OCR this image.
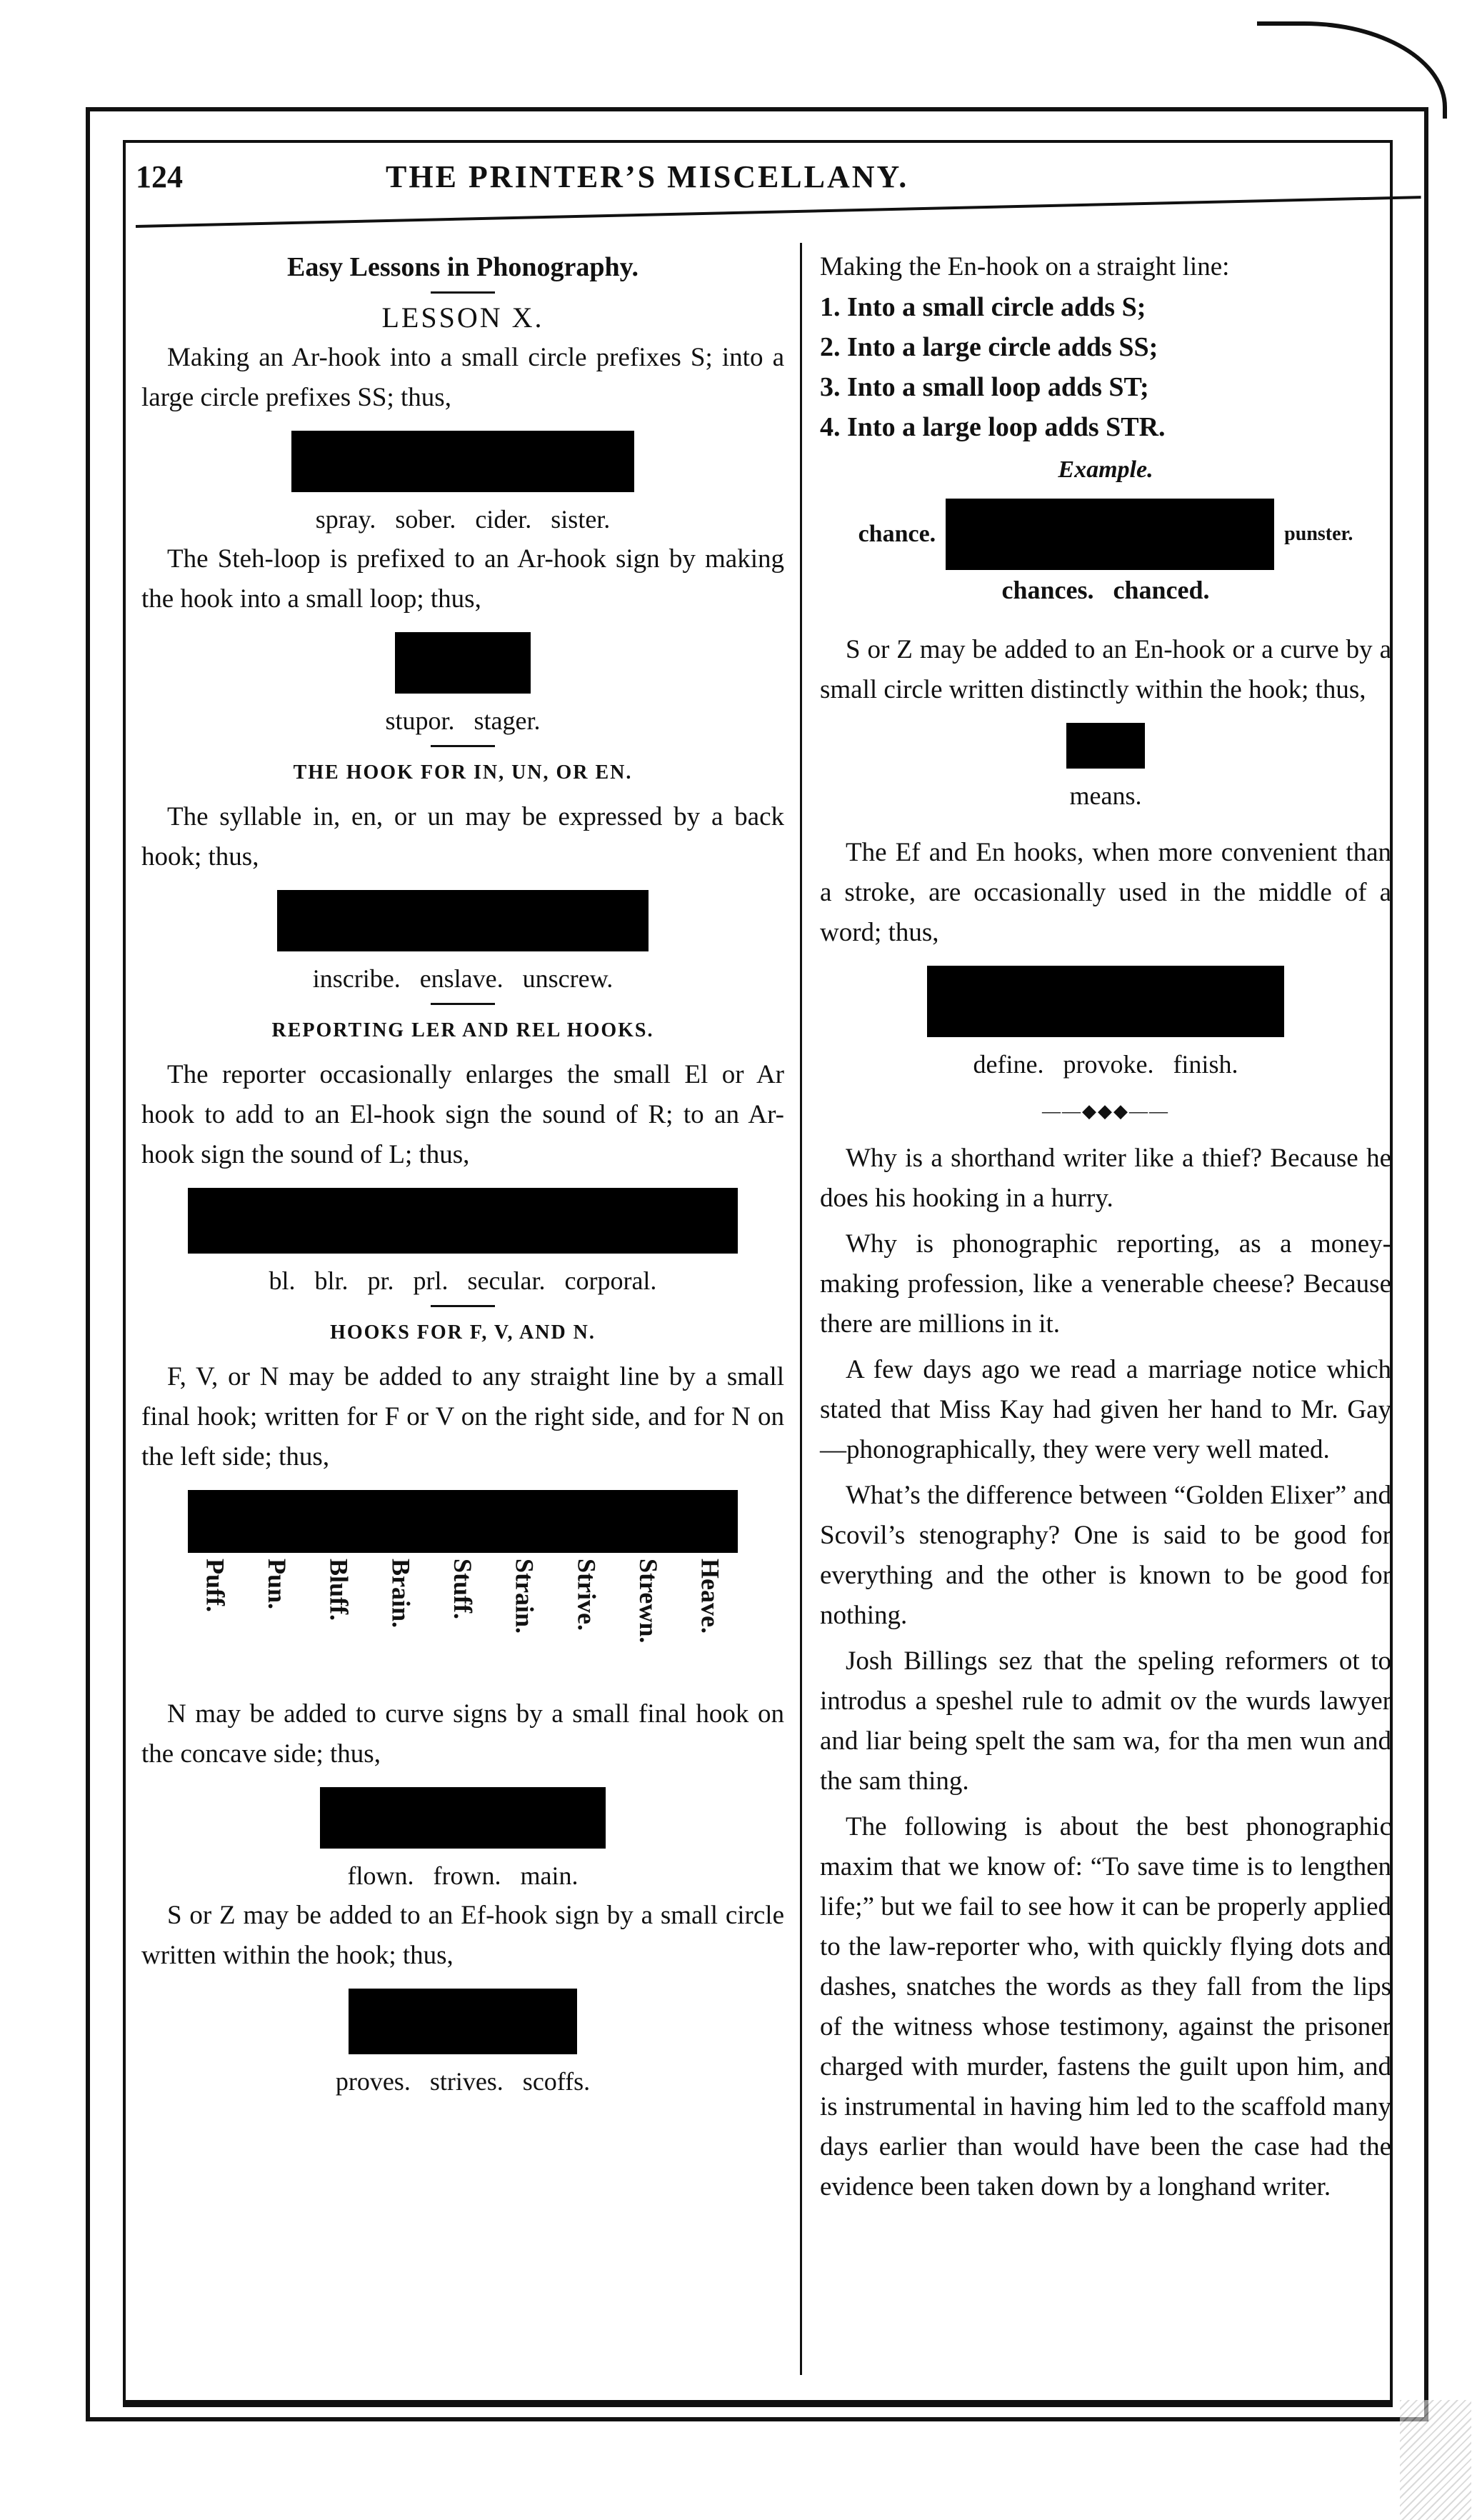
124	THE PRINTER’S MISCELLANY.
Easy Lessons in Phonography.
LESSON X.

Making an Ar-hook into a small circle prefixes S; into a large circle prefixes SS; thus,

spray. sober. cider. sister.

The Steh-loop is prefixed to an Ar-hook sign by making the hook into a small loop; thus,

stupor. stager.
THE HOOK FOR IN, UN, OR EN.

The syllable in, en, or un may be expressed by a back hook; thus,

inscribe. enslave. unscrew.
REPORTING LER AND REL HOOKS.

The reporter occasionally enlarges the small El or Ar hook to add to an El-hook sign the sound of R; to an Ar-hook sign the sound of L; thus,

bl. blr. pr. prl. secular. corporal.
HOOKS FOR F, V, AND N.

F, V, or N may be added to any straight line by a small final hook; written for F or V on the right side, and for N on the left side; thus,

Puff. Pun. Bluff. Brain. Stuff. Strain. Strive. Strewn. Heave.

N may be added to curve signs by a small final hook on the concave side; thus,

flown. frown. main.

S or Z may be added to an Ef-hook sign by a small circle written within the hook; thus,

proves. strives. scoffs.

Making the En-hook on a straight line:

1. Into a small circle adds S;
2. Into a large circle adds SS;
3. Into a small loop adds ST;
4. Into a large loop adds STR.
Example.
chance.	punster.
chances. chanced.

S or Z may be added to an En-hook or a curve by a small circle written distinctly within the hook; thus,

means.

The Ef and En hooks, when more convenient than a stroke, are occasionally used in the middle of a word; thus,

define. provoke. finish.
——◆◆◆——

Why is a shorthand writer like a thief? Because he does his hooking in a hurry.

Why is phonographic reporting, as a money-making profession, like a venerable cheese? Because there are millions in it.

A few days ago we read a marriage notice which stated that Miss Kay had given her hand to Mr. Gay—phonographically, they were very well mated.

What’s the difference between “Golden Elixer” and Scovil’s stenography? One is said to be good for everything and the other is known to be good for nothing.

Josh Billings sez that the speling reformers ot to introdus a speshel rule to admit ov the wurds lawyer and liar being spelt the sam wa, for tha men wun and the sam thing.

The following is about the best phonographic maxim that we know of: “To save time is to lengthen life;” but we fail to see how it can be properly applied to the law-reporter who, with quickly flying dots and dashes, snatches the words as they fall from the lips of the witness whose testimony, against the prisoner charged with murder, fastens the guilt upon him, and is instrumental in having him led to the scaffold many days earlier than would have been the case had the evidence been taken down by a longhand writer.
